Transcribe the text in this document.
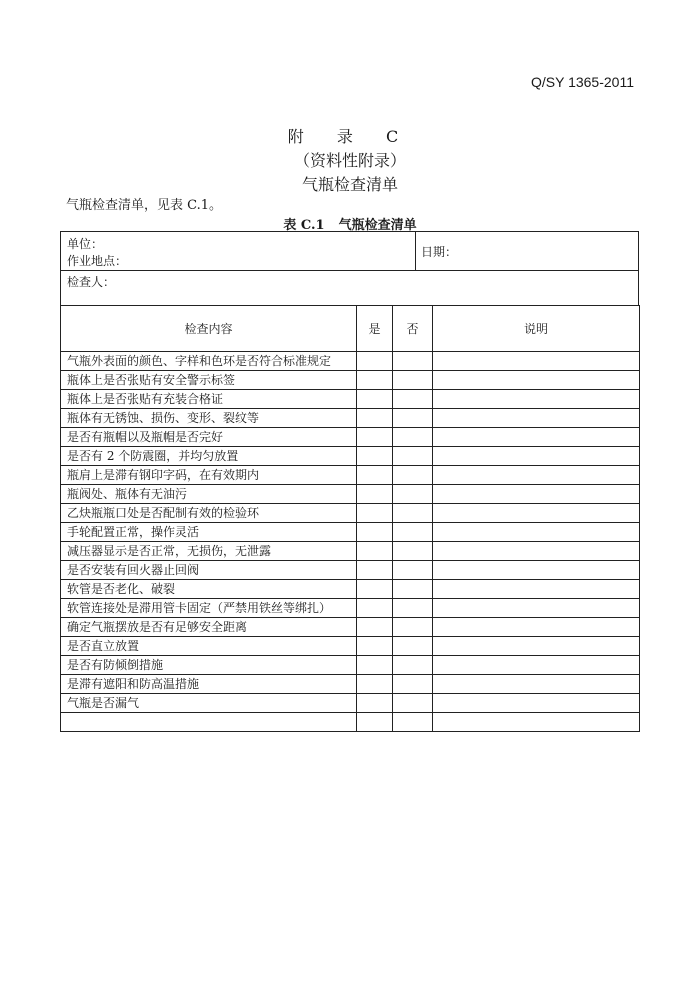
Q/SY 1365-2011
附 录 C
（资料性附录）
气瓶检查清单
气瓶检查清单，见表 C.1。
表 C.1 气瓶检查清单
单位：
作业地点：
日期：
检查人：
检查内容	是	否	说明
气瓶外表面的颜色、字样和色环是否符合标准规定			
瓶体上是否张贴有安全警示标签			
瓶体上是否张贴有充装合格证			
瓶体有无锈蚀、损伤、变形、裂纹等			
是否有瓶帽以及瓶帽是否完好			
是否有 2 个防震圈，并均匀放置			
瓶肩上是滞有钢印字码，在有效期内			
瓶阀处、瓶体有无油污			
乙炔瓶瓶口处是否配制有效的检验环			
手轮配置正常，操作灵活			
减压器显示是否正常，无损伤，无泄露			
是否安装有回火器止回阀			
软管是否老化、破裂			
软管连接处是滞用管卡固定（严禁用铁丝等绑扎）			
确定气瓶摆放是否有足够安全距离			
是否直立放置			
是否有防倾倒措施			
是滞有遮阳和防高温措施			
气瓶是否漏气			
